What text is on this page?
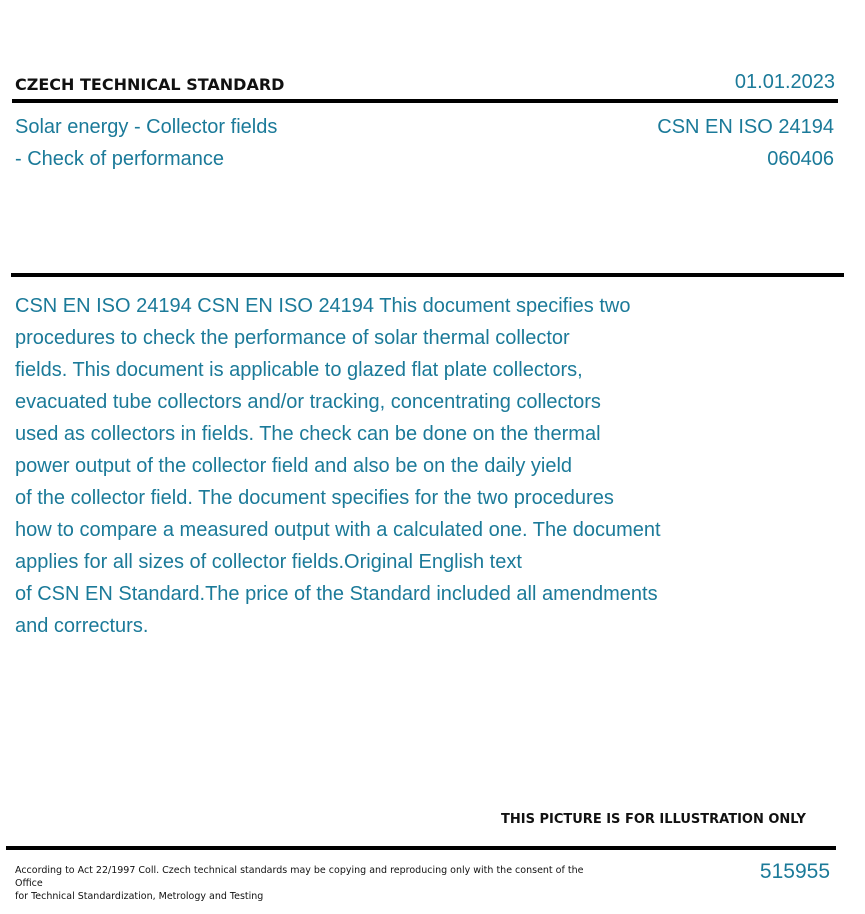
CZECH TECHNICAL STANDARD	01.01.2023
Solar energy - Collector fields
- Check of performance
CSN EN ISO 24194
060406
CSN EN ISO 24194 CSN EN ISO 24194 This document specifies two
procedures to check the performance of solar thermal collector
fields. This document is applicable to glazed flat plate collectors,
evacuated tube collectors and/or tracking, concentrating collectors
used as collectors in fields. The check can be done on the thermal
power output of the collector field and also be on the daily yield
of the collector field. The document specifies for the two procedures
how to compare a measured output with a calculated one. The document
applies for all sizes of collector fields.Original English text
of CSN EN Standard.The price of the Standard included all amendments
and correcturs.
THIS PICTURE IS FOR ILLUSTRATION ONLY
According to Act 22/1997 Coll. Czech technical standards may be copying and reproducing only with the consent of the Office
for Technical Standardization, Metrology and Testing
515955
